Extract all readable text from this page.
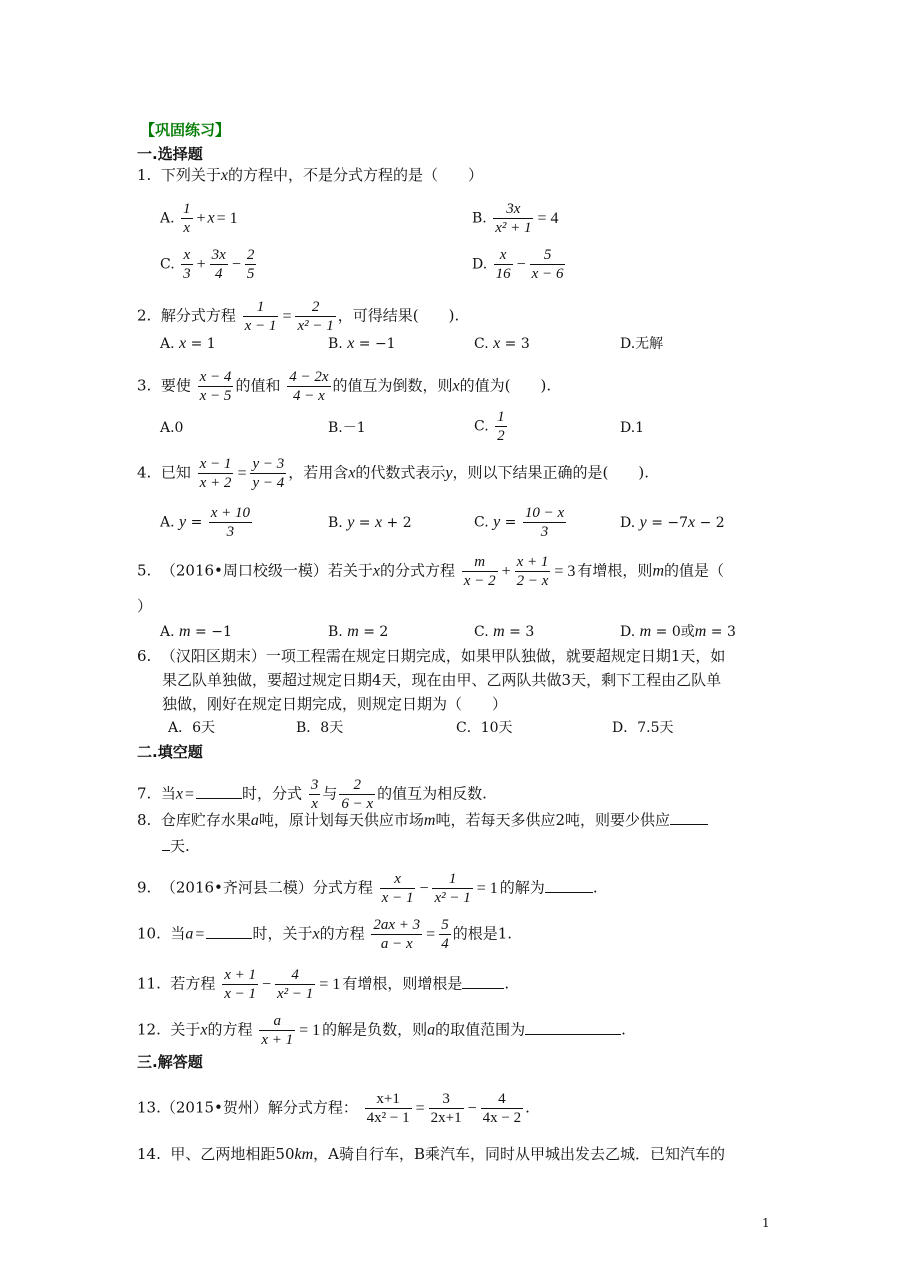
【巩固练习】
一.选择题
1. 下列关于x的方程中，不是分式方程的是（　　）
A. $\frac{1}{x} + x = 1$	B. $\frac{3x}{\text{x² + 1}} = 4$
C. $\frac{x}{3} + \frac{3x}{4} - \frac{2}{5}$	D. $\frac{x}{16} - \frac{5}{x - 6}$
2. 解分式方程 $\frac{1}{x - 1} = \frac{2}{\text{x² − 1}}$ ，可得结果(　　).
A. x = 1	B. x = −1	C. x = 3	D.无解
3. 要使 $\frac{x - 4}{x - 5}$ 的值和 $\frac{4 - 2x}{4 - x}$ 的值互为倒数，则x的值为(　　).
A.0	B.－1	C. $\frac{1}{2}$	D.1
4. 已知 $\frac{x - 1}{x + 2} = \frac{y - 3}{y - 4}$ ，若用含x的代数式表示y，则以下结果正确的是(　　).
A. $y = \frac{x + 10}{3}$	B. y = x + 2	C. $y = \frac{10 - x}{3}$	D. y = −7x − 2
5. （2016•周口校级一模）若关于x的分式方程 $\frac{m}{x - 2} + \frac{x + 1}{2 - x} = 3$ 有增根，则m的值是（
）
A. m = −1	B. m = 2	C. m = 3	D. m = 0或m = 3
6. （汉阳区期末）一项工程需在规定日期完成，如果甲队独做，就要超规定日期1天，如
果乙队单独做，要超过规定日期4天，现在由甲、乙两队共做3天，剩下工程由乙队单
独做，刚好在规定日期完成，则规定日期为（　　）
A．6天	B．8天	C．10天	D．7.5天
二.填空题
7. 当x =	时，分式 $\frac{3}{x}$ 与 $\frac{2}{6 - x}$ 的值互为相反数.
8. 仓库贮存水果a吨，原计划每天供应市场m吨，若每天多供应2吨，则要少供应
天.
9. （2016•齐河县二模）分式方程 $\frac{x}{x - 1} - \frac{1}{\text{x² − 1}} = 1$ 的解为	.
10. 当a =	时，关于x的方程 $\frac{2ax + 3}{a - x} = \frac{5}{4}$ 的根是1.
11. 若方程 $\frac{x + 1}{x - 1} - \frac{4}{\text{x² − 1}} = 1$ 有增根，则增根是	.
12. 关于x的方程 $\frac{a}{x + 1} = 1$ 的解是负数，则a的取值范围为	.
三.解答题
13.（2015•贺州）解分式方程： $\frac{x+1}{\text{4x² − 1}} = \frac{3}{2x+1} - \frac{4}{4x - 2}$ .
14. 甲、乙两地相距50km，A骑自行车，B乘汽车，同时从甲城出发去乙城．已知汽车的
1
